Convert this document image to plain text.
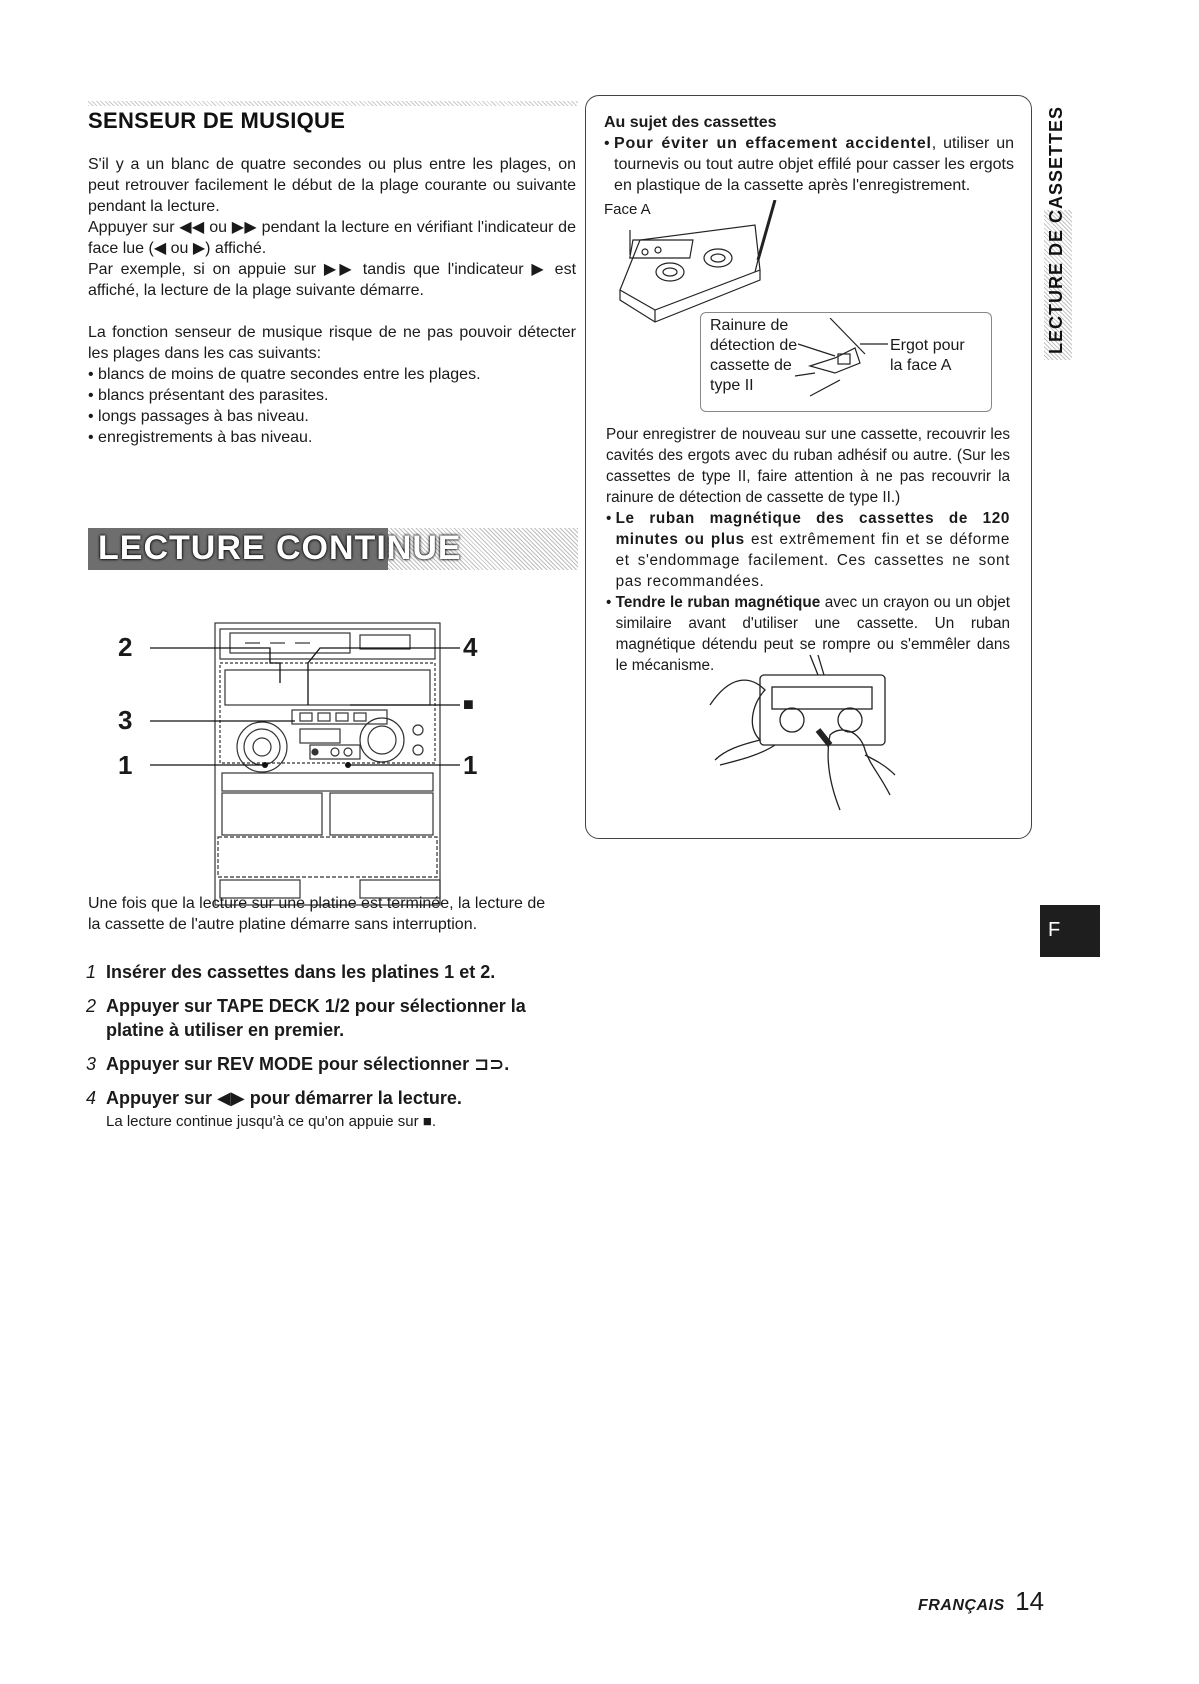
SENSEUR DE MUSIQUE
S'il y a un blanc de quatre secondes ou plus entre les plages, on peut retrouver facilement le début de la plage courante ou suivante pendant la lecture.
Appuyer sur ◀◀ ou ▶▶ pendant la lecture en vérifiant l'indicateur de face lue (◀ ou ▶) affiché.
Par exemple, si on appuie sur ▶▶ tandis que l'indicateur ▶ est affiché, la lecture de la plage suivante démarre.
La fonction senseur de musique risque de ne pas pouvoir détecter les plages dans les cas suivants:
• blancs de moins de quatre secondes entre les plages.
• blancs présentant des parasites.
• longs passages à bas niveau.
• enregistrements à bas niveau.
LECTURE CONTINUE
2
3
1
4
■
1
Une fois que la lecture sur une platine est terminée, la lecture de la cassette de l'autre platine démarre sans interruption.
1 Insérer des cassettes dans les platines 1 et 2.
2 Appuyer sur TAPE DECK 1/2 pour sélectionner la platine à utiliser en premier.
3 Appuyer sur REV MODE pour sélectionner ⊐⊃.
4 Appuyer sur ◀▶ pour démarrer la lecture.
La lecture continue jusqu'à ce qu'on appuie sur ■.
Au sujet des cassettes
• Pour éviter un effacement accidentel, utiliser un tournevis ou tout autre objet effilé pour casser les ergots en plastique de la cassette après l'enregistrement.
Face A
Rainure de
détection de
cassette de
type II
Ergot pour
la face A
Pour enregistrer de nouveau sur une cassette, recouvrir les cavités des ergots avec du ruban adhésif ou autre. (Sur les cassettes de type II, faire attention à ne pas recouvrir la rainure de détection de cassette de type II.)
• Le ruban magnétique des cassettes de 120 minutes ou plus est extrêmement fin et se déforme et s'endommage facilement. Ces cassettes ne sont pas recommandées.
• Tendre le ruban magnétique avec un crayon ou un objet similaire avant d'utiliser une cassette. Un ruban magnétique détendu peut se rompre ou s'emmêler dans le mécanisme.
LECTURE DE CASSETTES
F
FRANÇAIS 14
